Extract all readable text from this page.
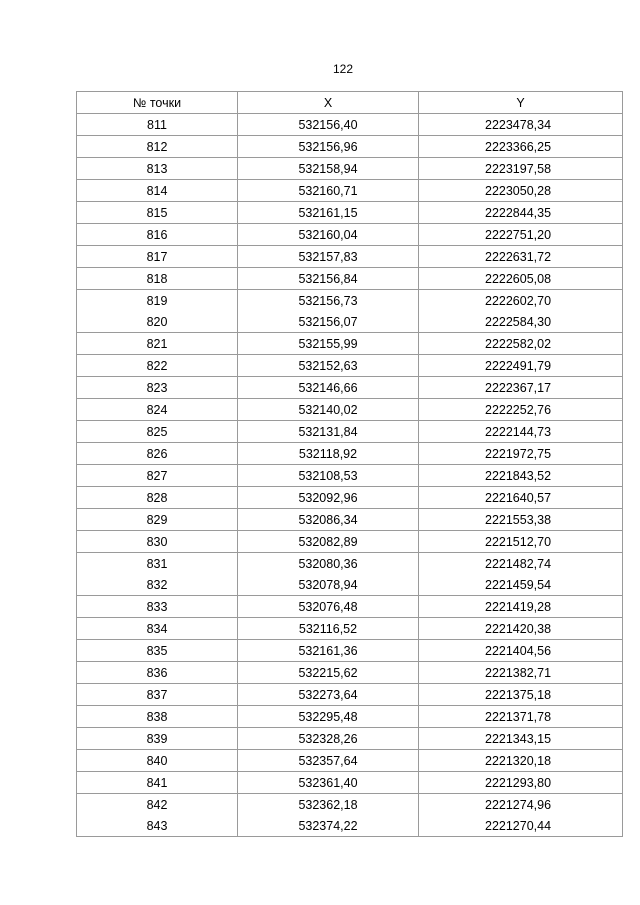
122
№ точки	X	Y
811	532156,40	2223478,34
812	532156,96	2223366,25
813	532158,94	2223197,58
814	532160,71	2223050,28
815	532161,15	2222844,35
816	532160,04	2222751,20
817	532157,83	2222631,72
818	532156,84	2222605,08
819	532156,73	2222602,70
820	532156,07	2222584,30
821	532155,99	2222582,02
822	532152,63	2222491,79
823	532146,66	2222367,17
824	532140,02	2222252,76
825	532131,84	2222144,73
826	532118,92	2221972,75
827	532108,53	2221843,52
828	532092,96	2221640,57
829	532086,34	2221553,38
830	532082,89	2221512,70
831	532080,36	2221482,74
832	532078,94	2221459,54
833	532076,48	2221419,28
834	532116,52	2221420,38
835	532161,36	2221404,56
836	532215,62	2221382,71
837	532273,64	2221375,18
838	532295,48	2221371,78
839	532328,26	2221343,15
840	532357,64	2221320,18
841	532361,40	2221293,80
842	532362,18	2221274,96
843	532374,22	2221270,44
